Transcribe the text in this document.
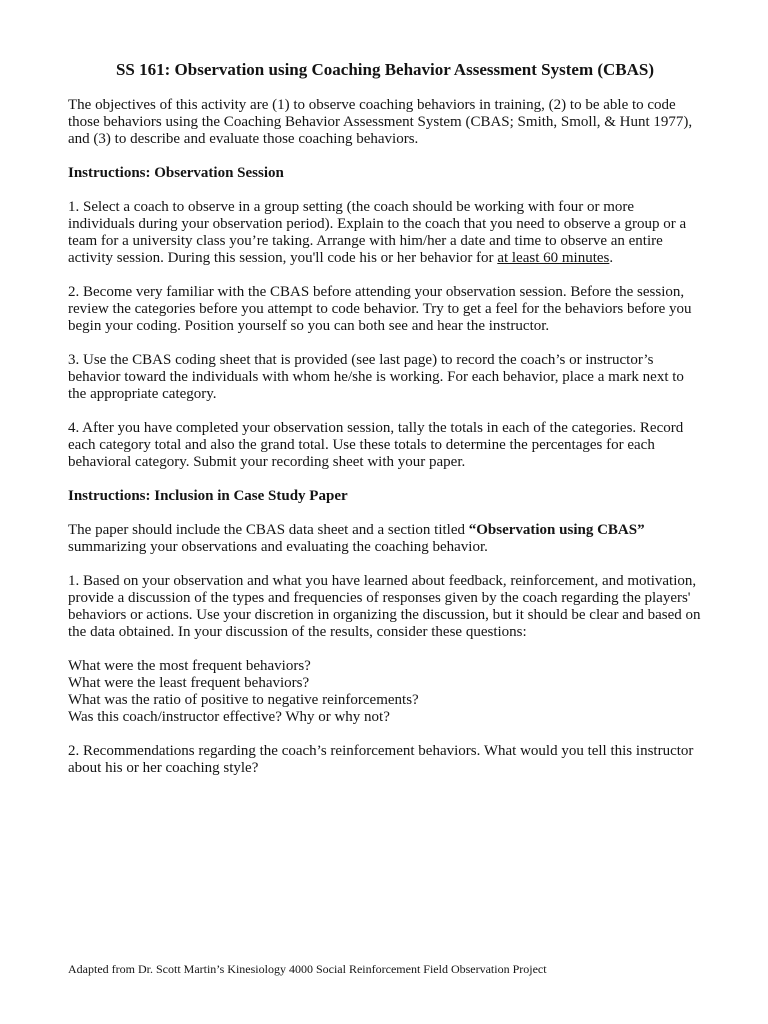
SS 161: Observation using Coaching Behavior Assessment System (CBAS)

The objectives of this activity are (1) to observe coaching behaviors in training, (2) to be able to code those behaviors using the Coaching Behavior Assessment System (CBAS; Smith, Smoll, & Hunt 1977), and (3) to describe and evaluate those coaching behaviors.

Instructions: Observation Session

1. Select a coach to observe in a group setting (the coach should be working with four or more individuals during your observation period). Explain to the coach that you need to observe a group or a team for a university class you’re taking. Arrange with him/her a date and time to observe an entire activity session. During this session, you'll code his or her behavior for at least 60 minutes.

2. Become very familiar with the CBAS before attending your observation session. Before the session, review the categories before you attempt to code behavior. Try to get a feel for the behaviors before you begin your coding. Position yourself so you can both see and hear the instructor.

3. Use the CBAS coding sheet that is provided (see last page) to record the coach’s or instructor’s behavior toward the individuals with whom he/she is working. For each behavior, place a mark next to the appropriate category.

4. After you have completed your observation session, tally the totals in each of the categories. Record each category total and also the grand total. Use these totals to determine the percentages for each behavioral category. Submit your recording sheet with your paper.

Instructions: Inclusion in Case Study Paper

The paper should include the CBAS data sheet and a section titled “Observation using CBAS” summarizing your observations and evaluating the coaching behavior.

1. Based on your observation and what you have learned about feedback, reinforcement, and motivation, provide a discussion of the types and frequencies of responses given by the coach regarding the players' behaviors or actions. Use your discretion in organizing the discussion, but it should be clear and based on the data obtained. In your discussion of the results, consider these questions:

What were the most frequent behaviors?
What were the least frequent behaviors?
What was the ratio of positive to negative reinforcements?
Was this coach/instructor effective? Why or why not?

2. Recommendations regarding the coach’s reinforcement behaviors. What would you tell this instructor about his or her coaching style?

Adapted from Dr. Scott Martin’s Kinesiology 4000 Social Reinforcement Field Observation Project
